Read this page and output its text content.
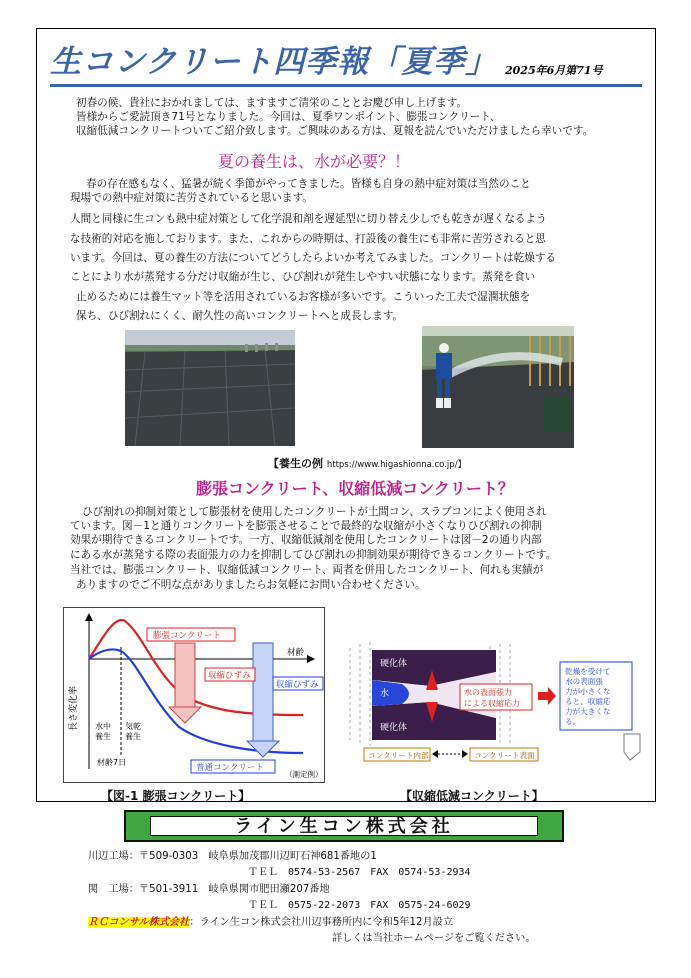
生コンクリート四季報「夏季」 2025年6月第71号
初春の候、貴社におかれましては、ますますご清栄のこととお慶び申し上げます。
皆様からご愛読頂き71号となりました。今回は、夏季ワンポイント、膨張コンクリート、
収縮低減コンクリートついてご紹介致します。ご興味のある方は、夏報を読んでいただけましたら幸いです。
夏の養生は、水が必要？！
春の存在感もなく、猛暑が続く季節がやってきました。皆様も自身の熱中症対策は当然のこと
現場での熱中症対策に苦労されていると思います。
人間と同様に生コンも熱中症対策として化学混和剤を遅延型に切り替え少しでも乾きが遅くなるよう
な技術的対応を施しております。また、これからの時期は、打設後の養生にも非常に苦労されると思
います。今回は、夏の養生の方法についてどうしたらよいか考えてみました。コンクリートは乾燥する
ことにより水が蒸発する分だけ収縮が生じ、ひび割れが発生しやすい状態になります。蒸発を食い
止めるためには養生マット等を活用されているお客様が多いです。こういった工夫で湿潤状態を
保ち、ひび割れにくく、耐久性の高いコンクリートへと成長します。
【養生の例 https://www.higashionna.co.jp/】
膨張コンクリート、収縮低減コンクリート？
ひび割れの抑制対策として膨張材を使用したコンクリートが土間コン、スラブコンによく使用され
ています。図－1と通りコンクリートを膨張させることで最終的な収縮が小さくなりひび割れの抑制
効果が期待できるコンクリートです。一方、収縮低減剤を使用したコンクリートは図－2の通り内部
にある水が蒸発する際の表面張力の力を抑制してひび割れの抑制効果が期待できるコンクリートです。
当社では、膨張コンクリート、収縮低減コンクリート、両者を併用したコンクリート、何れも実績が
ありますのでご不明な点がありましたらお気軽にお問い合わせください。
長さ変化率
膨張コンクリート
材齢
収縮ひずみ
収縮ひずみ
水中
養生
気乾
養生
材齢7日
普通コンクリート
（測定例）
硬化体
水
硬化体
水の表面張力
による収縮応力
乾燥を受けて
水の表面張
力が小さくな
ると、収縮応
力が大きくな
る。
コンクリート内部	コンクリート表面
【図-1 膨張コンクリート】	【収縮低減コンクリート】
ライン生コン株式会社
川辺工場：〒509-0303　岐阜県加茂郡川辺町石神681番地の1
ＴＥＬ　0574-53-2567　FAX　0574-53-2934
関　工場：〒501-3911　岐阜県関市肥田瀬207番地
ＴＥＬ　0575-22-2073　FAX　0575-24-6029
ＲＣコンサル株式会社：ライン生コン株式会社川辺事務所内に令和5年12月設立
詳しくは当社ホームページをご覧ください。
